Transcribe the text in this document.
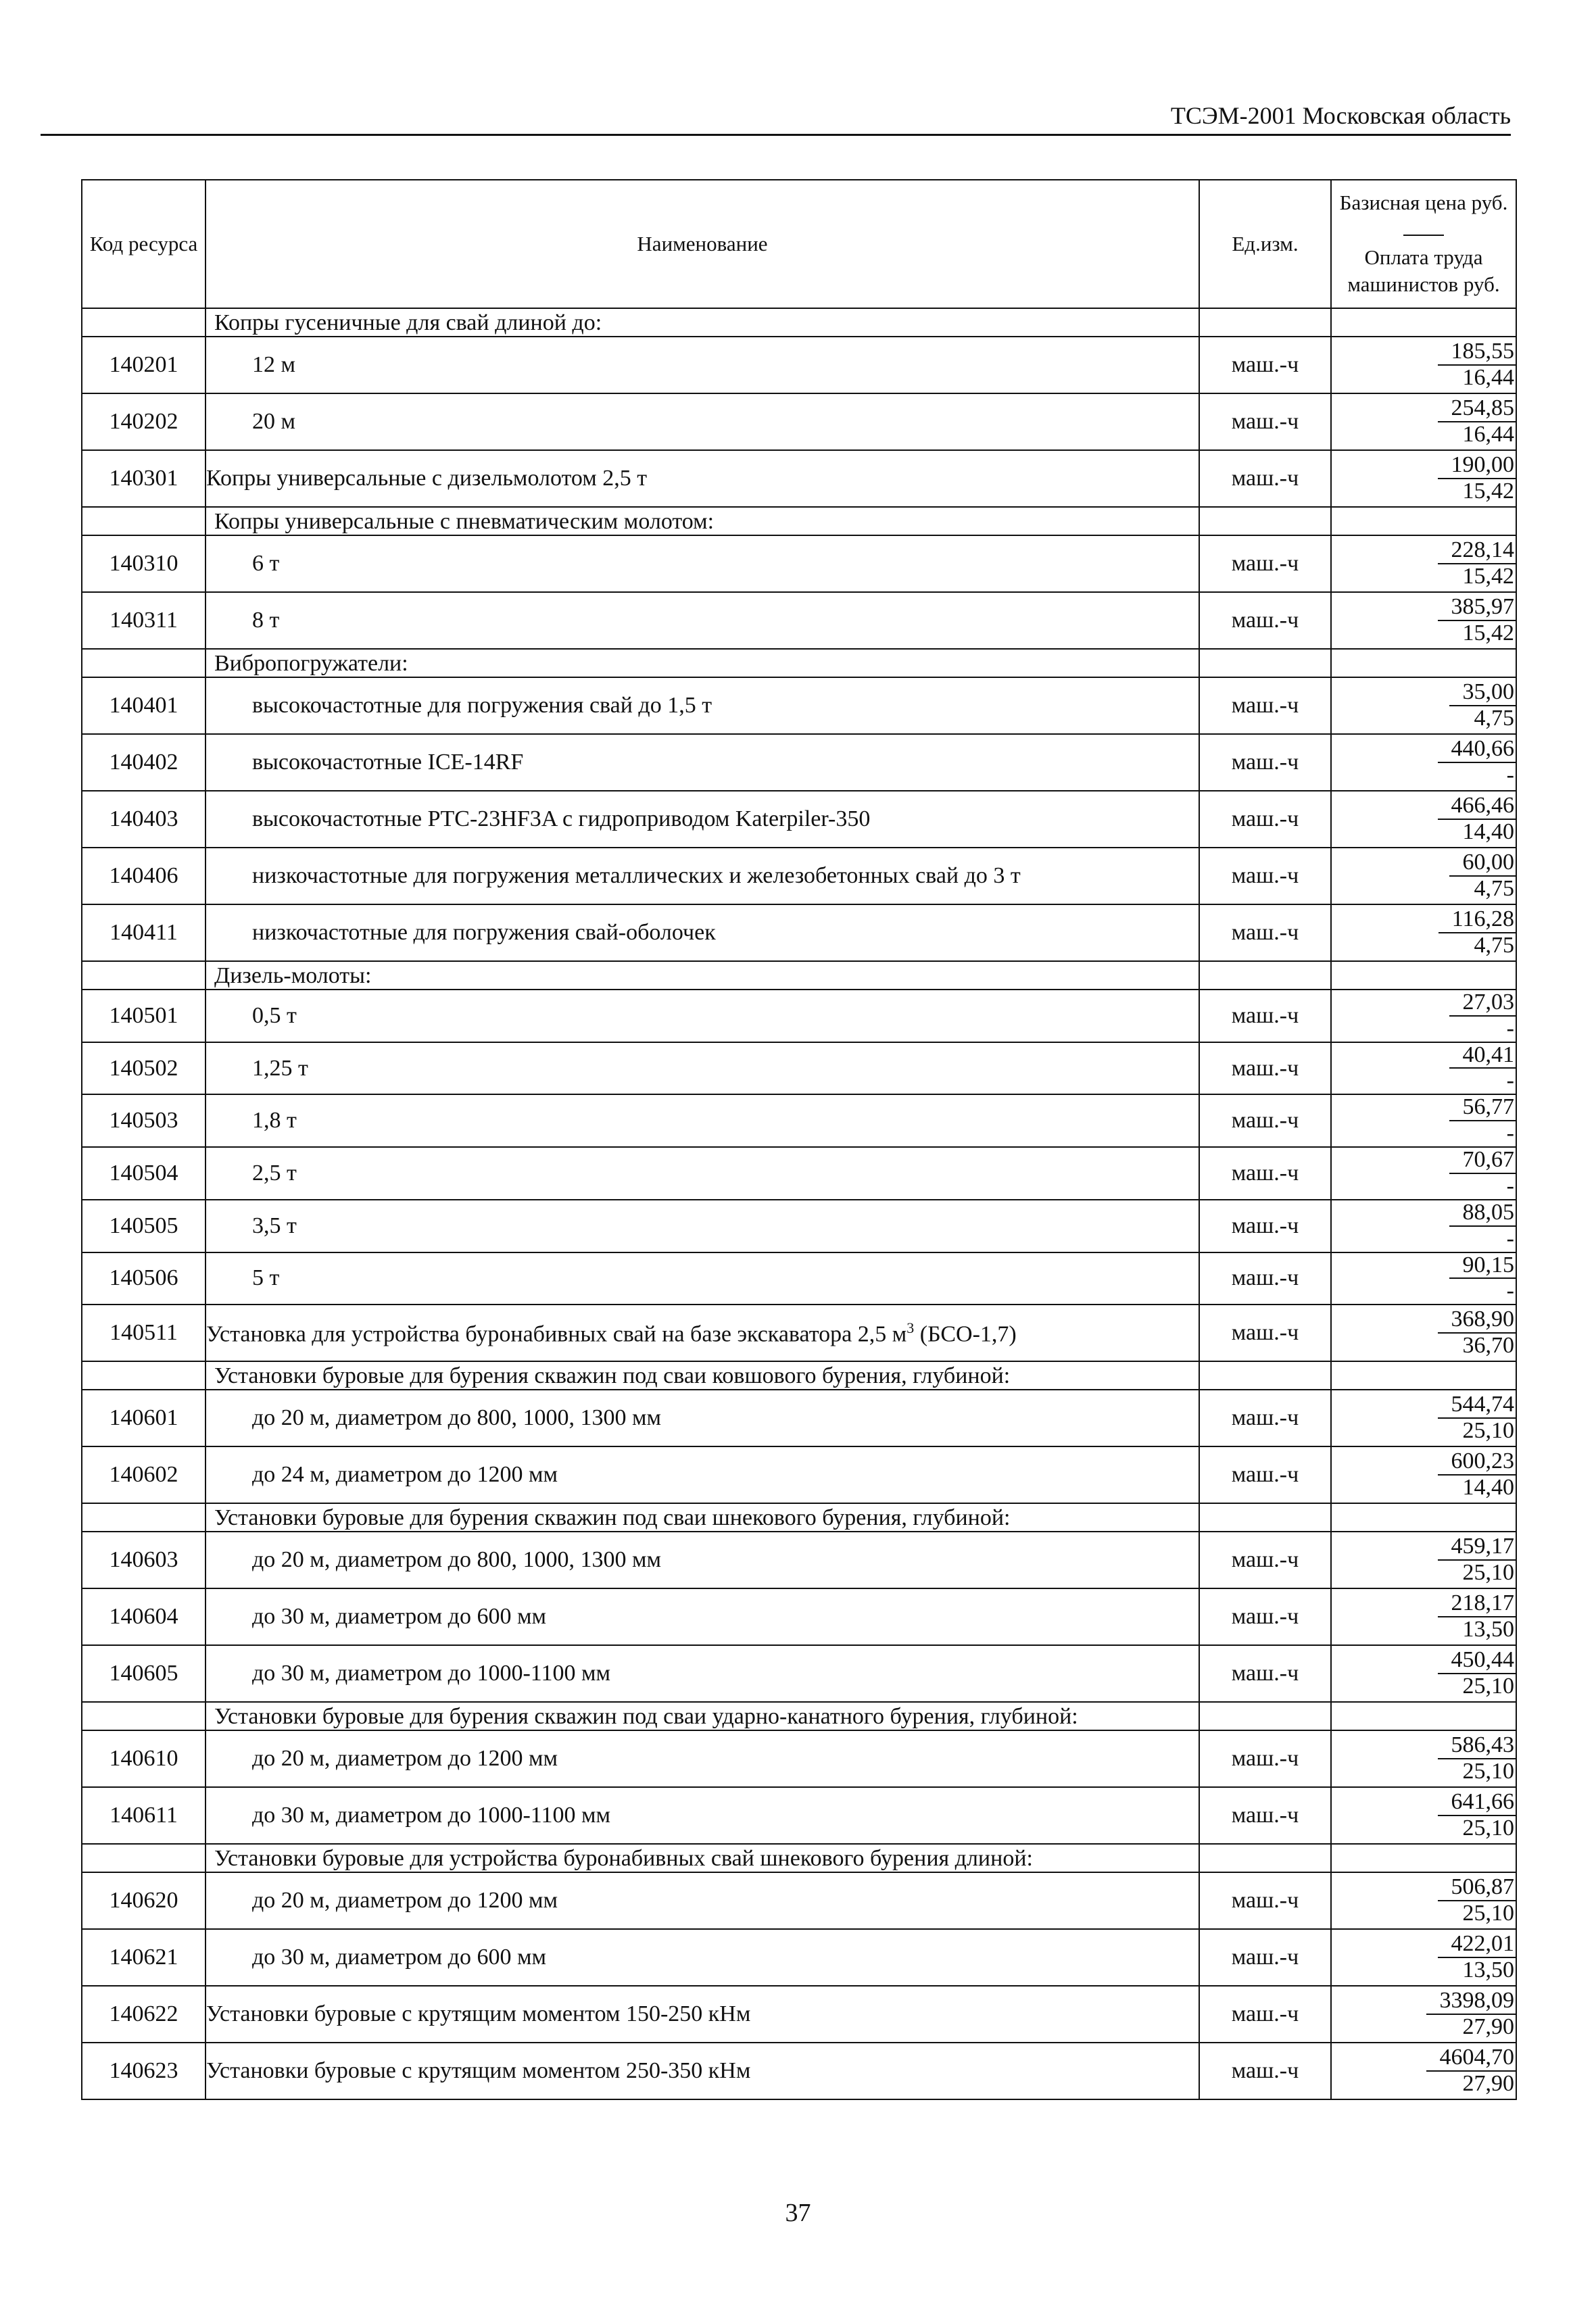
ТСЭМ-2001 Московская область
Код ресурса	Наименование	Ед.изм.	Базисная цена руб.

Оплата труда машинистов руб.

	Копры гусеничные для свай длиной до:		
140201	12 м	маш.-ч	$\frac{185,55}{16,44}$

140202	20 м	маш.-ч	$\frac{254,85}{16,44}$

140301	Копры универсальные с дизельмолотом 2,5 т	маш.-ч	$\frac{190,00}{15,42}$

	Копры универсальные с пневматическим молотом:		
140310	6 т	маш.-ч	$\frac{228,14}{15,42}$

140311	8 т	маш.-ч	$\frac{385,97}{15,42}$

	Вибропогружатели:		
140401	высокочастотные для погружения свай до 1,5 т	маш.-ч	$\frac{35,00}{4,75}$

140402	высокочастотные ICE-14RF	маш.-ч	$\frac{440,66}{-}$

140403	высокочастотные PTC-23HF3A с гидроприводом Katerpiler-350	маш.-ч	$\frac{466,46}{14,40}$

140406	низкочастотные для погружения металлических и железобетонных свай до 3 т	маш.-ч	$\frac{60,00}{4,75}$

140411	низкочастотные для погружения свай-оболочек	маш.-ч	$\frac{116,28}{4,75}$

	Дизель-молоты:		
140501	0,5 т	маш.-ч	$\frac{27,03}{-}$

140502	1,25 т	маш.-ч	$\frac{40,41}{-}$

140503	1,8 т	маш.-ч	$\frac{56,77}{-}$

140504	2,5 т	маш.-ч	$\frac{70,67}{-}$

140505	3,5 т	маш.-ч	$\frac{88,05}{-}$

140506	5 т	маш.-ч	$\frac{90,15}{-}$

140511	Установка для устройства буронабивных свай на базе экскаватора 2,5 $м^3$ (БСО-1,7)	маш.-ч	$\frac{368,90}{36,70}$

	Установки буровые для бурения скважин под сваи ковшового бурения, глубиной:		
140601	до 20 м, диаметром до 800, 1000, 1300 мм	маш.-ч	$\frac{544,74}{25,10}$

140602	до 24 м, диаметром до 1200 мм	маш.-ч	$\frac{600,23}{14,40}$

	Установки буровые для бурения скважин под сваи шнекового бурения, глубиной:		
140603	до 20 м, диаметром до 800, 1000, 1300 мм	маш.-ч	$\frac{459,17}{25,10}$

140604	до 30 м, диаметром до 600 мм	маш.-ч	$\frac{218,17}{13,50}$

140605	до 30 м, диаметром до 1000-1100 мм	маш.-ч	$\frac{450,44}{25,10}$

	Установки буровые для бурения скважин под сваи ударно-канатного бурения, глубиной:		
140610	до 20 м, диаметром до 1200 мм	маш.-ч	$\frac{586,43}{25,10}$

140611	до 30 м, диаметром до 1000-1100 мм	маш.-ч	$\frac{641,66}{25,10}$

	Установки буровые для устройства буронабивных свай шнекового бурения длиной:		
140620	до 20 м, диаметром до 1200 мм	маш.-ч	$\frac{506,87}{25,10}$

140621	до 30 м, диаметром до 600 мм	маш.-ч	$\frac{422,01}{13,50}$

140622	Установки буровые с крутящим моментом 150-250 кНм	маш.-ч	$\frac{3398,09}{27,90}$

140623	Установки буровые с крутящим моментом 250-350 кНм	маш.-ч	$\frac{4604,70}{27,90}$
37
